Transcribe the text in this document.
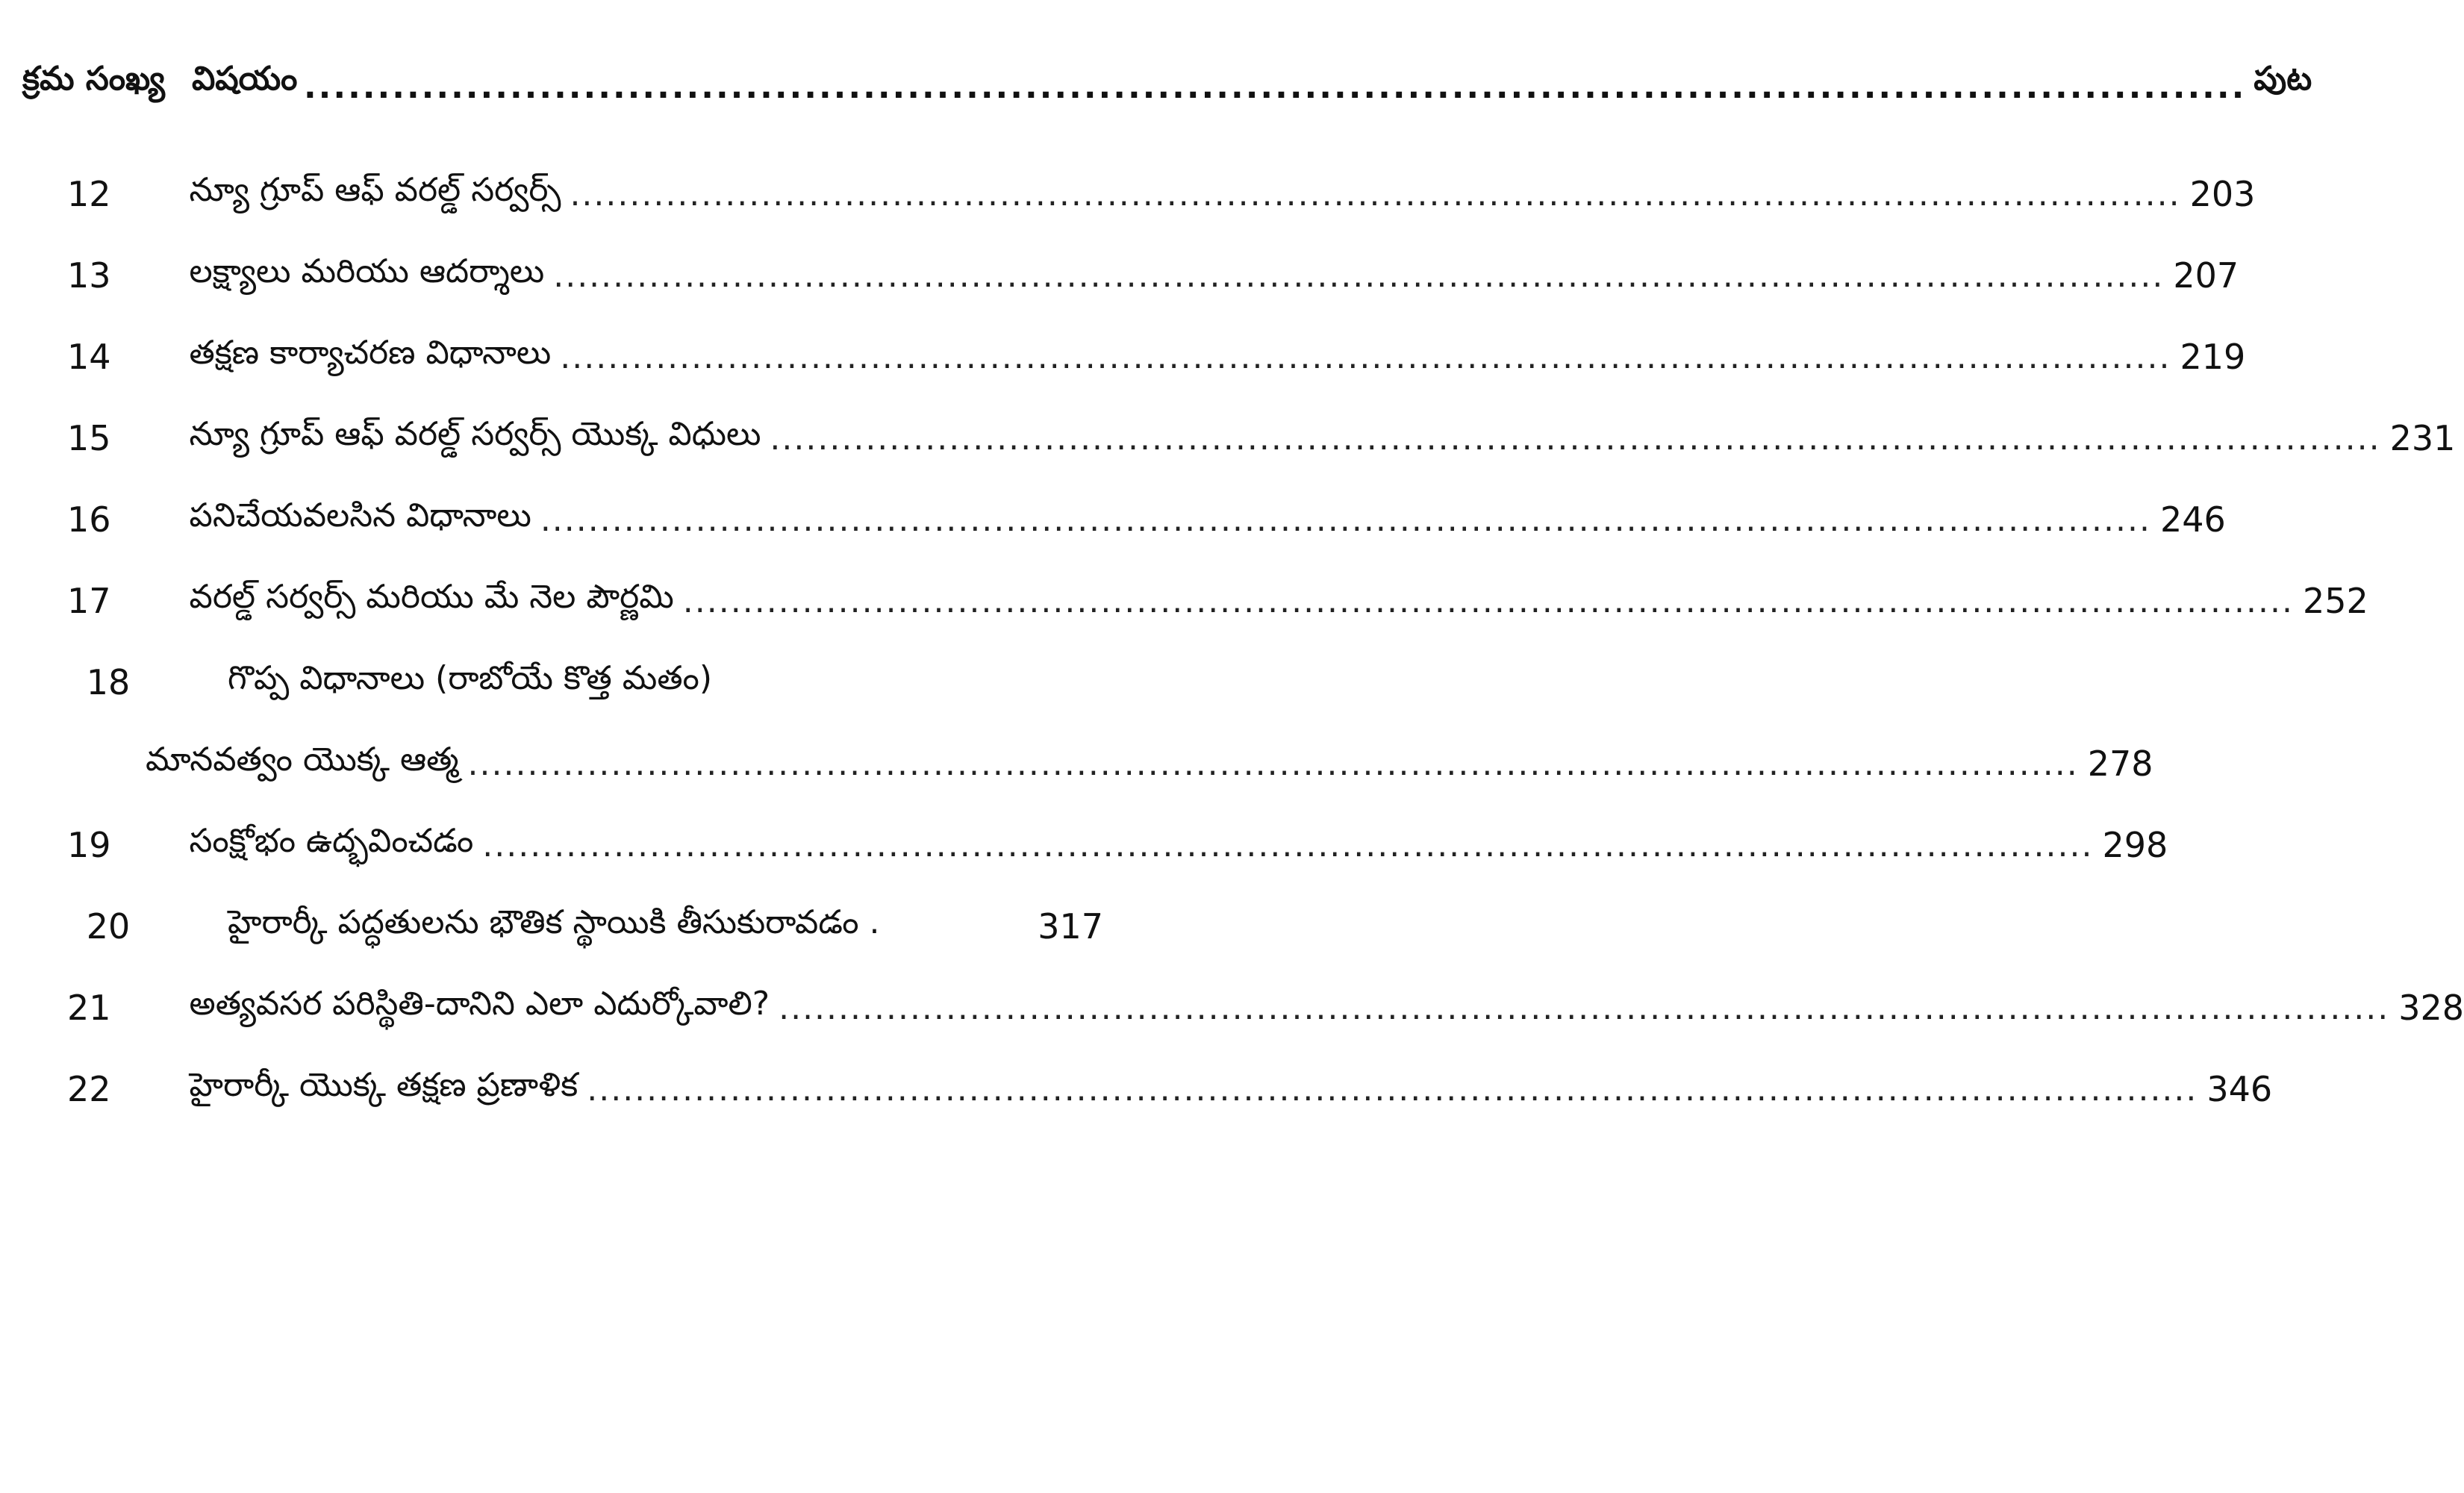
క్రమ సంఖ్య విషయం .................................................................................................................................... పుట
12 న్యూ గ్రూప్ ఆఫ్ వరల్డ్ సర్వర్స్ ....................................................................................................................................... 203
13 లక్ష్యాలు మరియు ఆదర్శాలు ....................................................................................................................................... 207
14 తక్షణ కార్యాచరణ విధానాలు ....................................................................................................................................... 219
15 న్యూ గ్రూప్ ఆఫ్ వరల్డ్ సర్వర్స్ యొక్క విధులు ....................................................................................................................................... 231
16 పనిచేయవలసిన విధానాలు ....................................................................................................................................... 246
17 వరల్డ్ సర్వర్స్ మరియు మే నెల పౌర్ణమి ....................................................................................................................................... 252
18	గొప్ప విధానాలు (రాబోయే కొత్త మతం)
మానవత్వం యొక్క ఆత్మ ....................................................................................................................................... 278
19 సంక్షోభం ఉద్భవించడం ....................................................................................................................................... 298
20	హైరార్కీ పద్ధతులను భౌతిక స్థాయికి తీసుకురావడం .	317
21 అత్యవసర పరిస్థితి-దానిని ఎలా ఎదుర్కోవాలి? ....................................................................................................................................... 328
22 హైరార్కీ యొక్క తక్షణ ప్రణాళిక ....................................................................................................................................... 346
